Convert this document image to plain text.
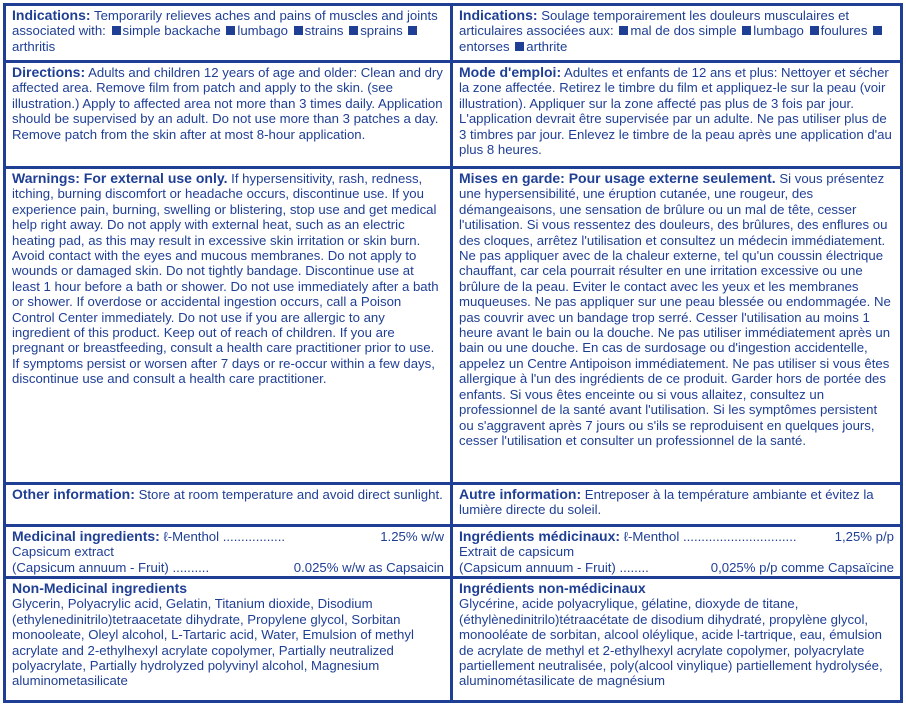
Indications: Temporarily relieves aches and pains of muscles and joints associated with: simple backache lumbago strains sprains arthritis
Indications: Soulage temporairement les douleurs musculaires et articulaires associées aux: mal de dos simple lumbago foulures entorses arthrite
Directions: Adults and children 12 years of age and older: Clean and dry affected area. Remove film from patch and apply to the skin. (see illustration.) Apply to affected area not more than 3 times daily. Application should be supervised by an adult. Do not use more than 3 patches a day. Remove patch from the skin after at most 8-hour application.
Mode d'emploi: Adultes et enfants de 12 ans et plus: Nettoyer et sécher la zone affectée. Retirez le timbre du film et appliquez-le sur la peau (voir illustration). Appliquer sur la zone affecté pas plus de 3 fois par jour. L'application devrait être supervisée par un adulte. Ne pas utiliser plus de 3 timbres par jour. Enlevez le timbre de la peau après une application d'au plus 8 heures.
Warnings: For external use only. If hypersensitivity, rash, redness, itching, burning discomfort or headache occurs, discontinue use. If you experience pain, burning, swelling or blistering, stop use and get medical help right away. Do not apply with external heat, such as an electric heating pad, as this may result in excessive skin irritation or skin burn. Avoid contact with the eyes and mucous membranes. Do not apply to wounds or damaged skin. Do not tightly bandage. Discontinue use at least 1 hour before a bath or shower. Do not use immediately after a bath or shower. If overdose or accidental ingestion occurs, call a Poison Control Center immediately. Do not use if you are allergic to any ingredient of this product. Keep out of reach of children. If you are pregnant or breastfeeding, consult a health care practitioner prior to use. If symptoms persist or worsen after 7 days or re-occur within a few days, discontinue use and consult a health care practitioner.
Mises en garde: Pour usage externe seulement. Si vous présentez une hypersensibilité, une éruption cutanée, une rougeur, des démangeaisons, une sensation de brûlure ou un mal de tête, cesser l'utilisation. Si vous ressentez des douleurs, des brûlures, des enflures ou des cloques, arrêtez l'utilisation et consultez un médecin immédiatement. Ne pas appliquer avec de la chaleur externe, tel qu'un coussin électrique chauffant, car cela pourrait résulter en une irritation excessive ou une brûlure de la peau. Eviter le contact avec les yeux et les membranes muqueuses. Ne pas appliquer sur une peau blessée ou endommagée. Ne pas couvrir avec un bandage trop serré. Cesser l'utilisation au moins 1 heure avant le bain ou la douche. Ne pas utiliser immédiatement après un bain ou une douche. En cas de surdosage ou d'ingestion accidentelle, appelez un Centre Antipoison immédiatement. Ne pas utiliser si vous êtes allergique à l'un des ingrédients de ce produit. Garder hors de portée des enfants. Si vous êtes enceinte ou si vous allaitez, consultez un professionnel de la santé avant l'utilisation. Si les symptômes persistent ou s'aggravent après 7 jours ou s'ils se reproduisent en quelques jours, cesser l'utilisation et consulter un professionnel de la santé.
Other information: Store at room temperature and avoid direct sunlight.	Autre information: Entreposer à la température ambiante et évitez la lumière directe du soleil.
Medicinal ingredients: ℓ-Menthol .................	1.25% w/w
Capsicum extract
(Capsicum annuum - Fruit) ..........	0.025% w/w as Capsaicin
Ingrédients médicinaux: ℓ-Menthol ...............................	1,25% p/p
Extrait de capsicum
(Capsicum annuum - Fruit) ........	0,025% p/p comme Capsaïcine
Non-Medicinal ingredients
Glycerin, Polyacrylic acid, Gelatin, Titanium dioxide, Disodium (ethylenedinitrilo)tetraacetate dihydrate, Propylene glycol, Sorbitan monooleate, Oleyl alcohol, L-Tartaric acid, Water, Emulsion of methyl acrylate and 2-ethylhexyl acrylate copolymer, Partially neutralized polyacrylate, Partially hydrolyzed polyvinyl alcohol, Magnesium aluminometasilicate
Ingrédients non-médicinaux
Glycérine, acide polyacrylique, gélatine, dioxyde de titane, (éthylènedinitrilo)tétraacétate de disodium dihydraté, propylène glycol, monooléate de sorbitan, alcool oléylique, acide l-tartrique, eau, émulsion de acrylate de methyl et 2-ethylhexyl acrylate copolymer, polyacrylate partiellement neutralisée, poly(alcool vinylique) partiellement hydrolysée, aluminométasilicate de magnésium
